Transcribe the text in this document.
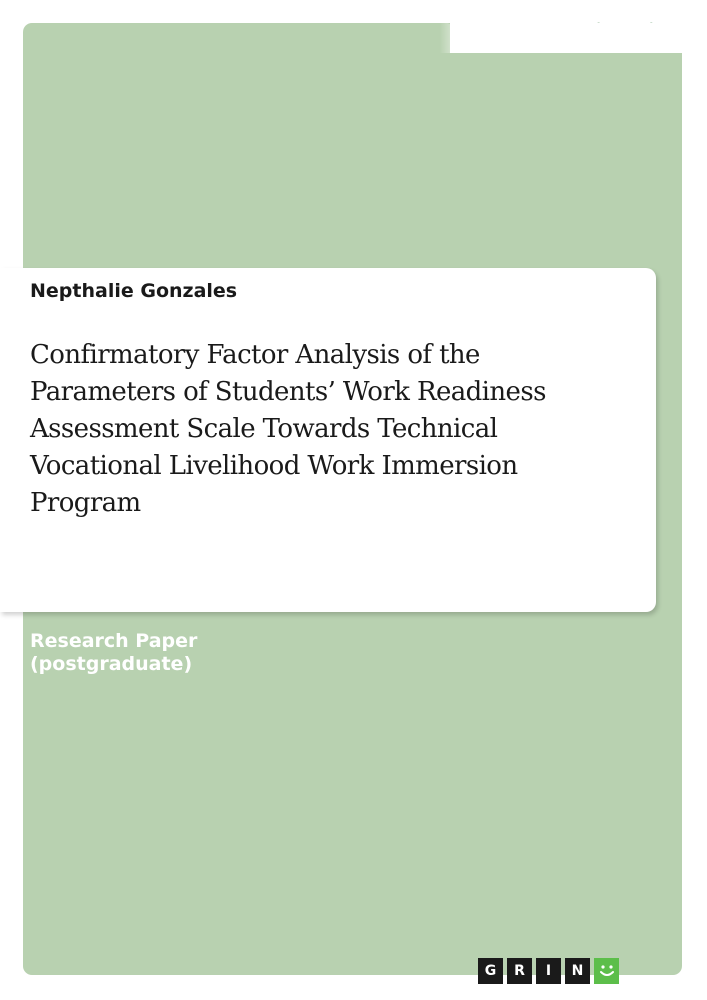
Nepthalie Gonzales
Confirmatory Factor Analysis of the
Parameters of Students’ Work Readiness
Assessment Scale Towards Technical
Vocational Livelihood Work Immersion
Program
Research Paper
(postgraduate)
G	R	I	N
